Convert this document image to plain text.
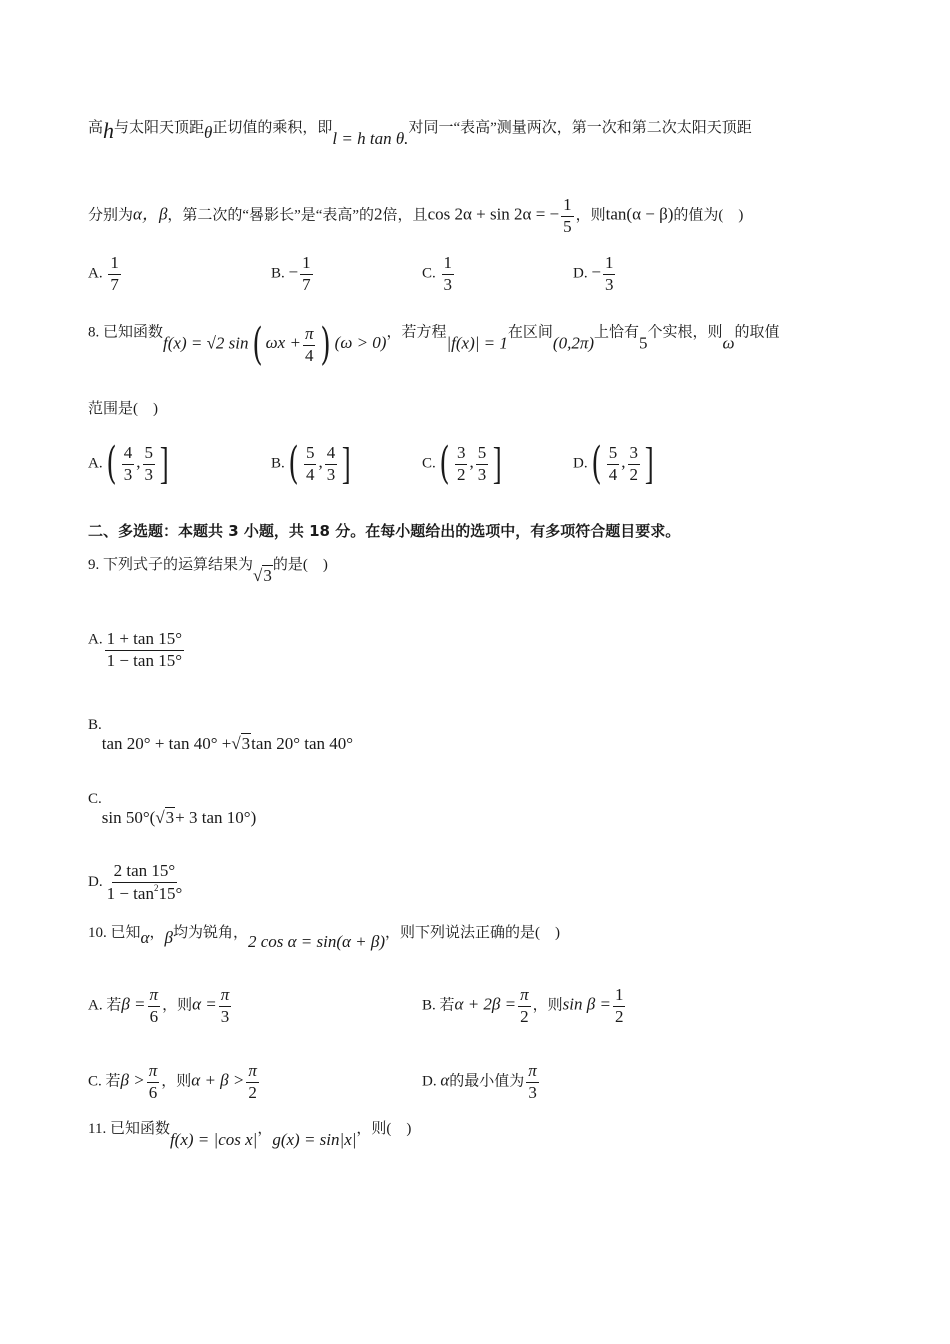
高h与太阳天顶距θ正切值的乘积，即l = h tan θ.对同一“表高”测量两次，第一次和第二次太阳天顶距
分别为α，β，第二次的“晷影长”是“表高”的2倍，且cos 2α + sin 2α = − $\frac{1}{5}$ ，则tan(α − β)的值为(　)
A. $\frac{1}{7}$	B. − $\frac{1}{7}$	C. $\frac{1}{3}$	D. − $\frac{1}{3}$
8. 已知函数f(x) = √2 sin( $\omega x + \frac{\pi}{4}$ ) (ω > 0)，若方程|f(x)| = 1在区间(0,2π)上恰有5个实根，则ω的取值
范围是(　)
$A.( \frac{4}{3}$ , $\frac{5}{3}$ ]	$B.( \frac{5}{4}$ , $\frac{4}{3}$ ]	$C.( \frac{3}{2}$ , $\frac{5}{3}$ ]	$D.( \frac{5}{4}$ , $\frac{3}{2}$ ]
二、多选题：本题共 3 小题，共 18 分。在每小题给出的选项中，有多项符合题目要求。
9. 下列式子的运算结果为√3的是(　)
A. $\frac{1 + \tan 15^\circ}{1 - \tan 15^\circ}$
B.tan 20° + tan 40° +√3tan 20° tan 40°
C.sin 50°(√3+ 3 tan 10°)
D. $\frac{2 \tan 15^\circ}{1 - \tan^215^\circ}$
10. 已知α，β均为锐角，2 cos α = sin(α + β)，则下列说法正确的是(　)
A. 若$\beta = \frac{\pi}{6}$ ，则$\alpha = \frac{\pi}{3}$	B. 若$\alpha + 2\beta = \frac{\pi}{2}$ ，则$\sin \beta = \frac{1}{2}$
C. 若$\beta > \frac{\pi}{6}$ ，则$\alpha + \beta > \frac{\pi}{2}$	D. α的最小值为 $\frac{\pi}{3}$
11. 已知函数f(x) = |cos x|，g(x) = sin|x|，则(　)
